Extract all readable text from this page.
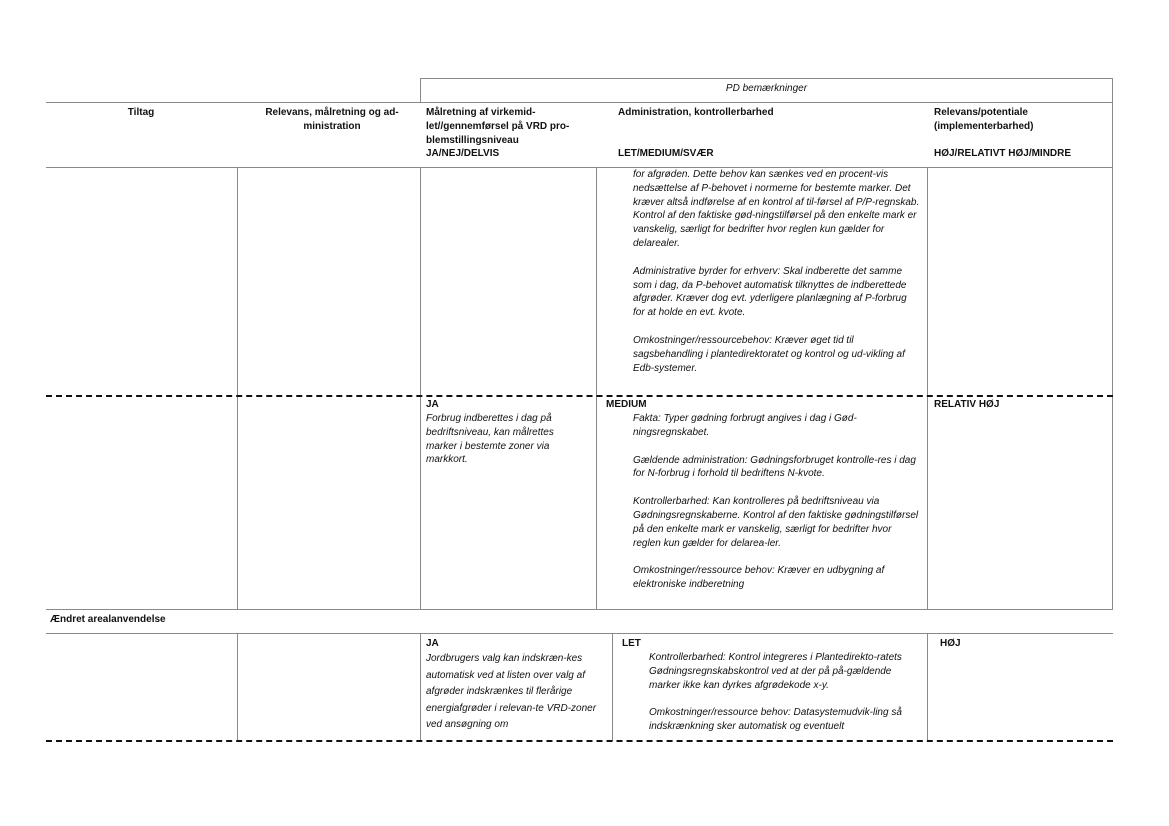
PD bemærkninger
Tiltag	Relevans, målretning og ad-ministration
Målretning af virkemid-let//gennemførsel på VRD pro-blemstillingsniveau
JA/NEJ/DELVIS
Administration, kontrollerbarhed
LET/MEDIUM/SVÆR
Relevans/potentiale (implementerbarhed)
HØJ/RELATIVT HØJ/MINDRE

for afgrøden. Dette behov kan sænkes ved en procent-vis nedsættelse af P-behovet i normerne for bestemte marker. Det kræver altså indførelse af en kontrol af til-førsel af P/P-regnskab. Kontrol af den faktiske gød-ningstilførsel på den enkelte mark er vanskelig, særligt for bedrifter hvor reglen kun gælder for delarealer.

Administrative byrder for erhverv: Skal indberette det samme som i dag, da P-behovet automatisk tilknyttes de indberettede afgrøder. Kræver dog evt. yderligere planlægning af P-forbrug for at holde en evt. kvote.

Omkostninger/ressourcebehov: Kræver øget tid til sagsbehandling i plantedirektoratet og kontrol og ud-vikling af Edb-systemer.

JA
Forbrug indberettes i dag på bedriftsniveau, kan målrettes marker i bestemte zoner via markkort.
MEDIUM

Fakta: Typer gødning forbrugt angives i dag i Gød-ningsregnskabet.

Gældende administration: Gødningsforbruget kontrolle-res i dag for N-forbrug i forhold til bedriftens N-kvote.

Kontrollerbarhed: Kan kontrolleres på bedriftsniveau via Gødningsregnskaberne. Kontrol af den faktiske gødningstilførsel på den enkelte mark er vanskelig, særligt for bedrifter hvor reglen kun gælder for delarea-ler.

Omkostninger/ressource behov: Kræver en udbygning af elektroniske indberetning

RELATIV HØJ
Ændret arealanvendelse
JA
Jordbrugers valg kan indskræn-kes automatisk ved at listen over valg af afgrøder indskrænkes til flerårige energiafgrøder i relevan-te VRD-zoner ved ansøgning om
LET

Kontrollerbarhed: Kontrol integreres i Plantedirekto-ratets Gødningsregnskabskontrol ved at der på på-gældende marker ikke kan dyrkes afgrødekode x-y.

Omkostninger/ressource behov: Datasystemudvik-ling så indskrænkning sker automatisk og eventuelt

HØJ
